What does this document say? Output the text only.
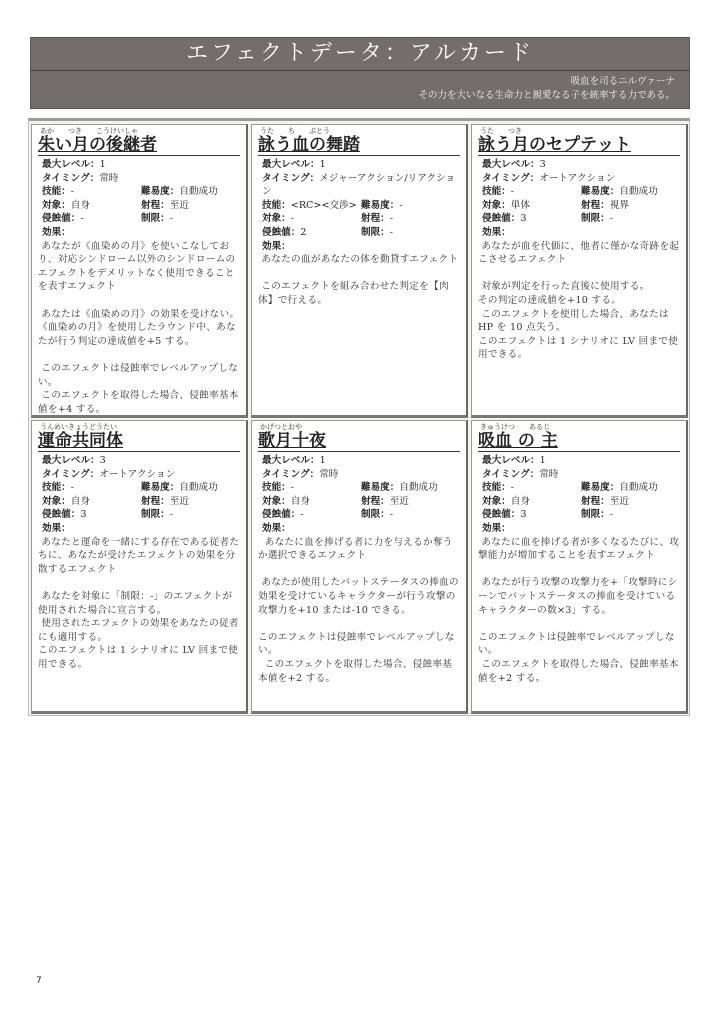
エフェクトデータ：アルカード
吸血を司るニルヴァーナ
その力を大いなる生命力と親愛なる子を統率する力である。
あか　　つき　　こうけいしゃ
朱い月の後継者
最大レベル：1
タイミング：常時
技能：-	難易度：自動成功
対象：自身	射程：至近
侵蝕値：-	制限：-
効果：
あなたが《血染めの月》を使いこなしており、対応シンドローム以外のシンドロームのエフェクトをデメリットなく使用できることを表すエフェクト

あなたは《血染めの月》の効果を受けない。《血染めの月》を使用したラウンド中、あなたが行う判定の達成値を+5 する。

このエフェクトは侵蝕率でレベルアップしない。
このエフェクトを取得した場合、侵蝕率基本値を+4 する。
うた　　ち　　ぶとう
詠う血の舞踏
最大レベル：1
タイミング：メジャーアクション/リアクション
技能：<RC><交渉> 難易度：-
対象：-	射程：-
侵蝕値：2	制限：-
効果：
あなたの血があなたの体を動貸すエフェクト

このエフェクトを組み合わせた判定を【肉体】で行える。
うた　　つき
詠う月のセプテット
最大レベル：3
タイミング：オートアクション
技能：-	難易度：自動成功
対象：単体	射程：視界
侵蝕値：3	制限：-
効果：
あなたが血を代価に、他者に僅かな奇跡を起こさせるエフェクト

対象が判定を行った直後に使用する。
その判定の達成値を+10 する。
このエフェクトを使用した場合、あなたはHP を 10 点失う。
このエフェクトは 1 シナリオに LV 回まで使用できる。
うんめいきょうどうたい
運命共同体
最大レベル：3
タイミング：オートアクション
技能：-	難易度：自動成功
対象：自身	射程：至近
侵蝕値：3	制限：-
効果：
あなたと運命を一緒にする存在である従者たちに、あなたが受けたエフェクトの効果を分散するエフェクト

あなたを対象に「制限：-」のエフェクトが使用された場合に宣言する。
使用されたエフェクトの効果をあなたの従者にも適用する。
このエフェクトは 1 シナリオに LV 回まで使用できる。
かげつとおや
歌月十夜
最大レベル：1
タイミング：常時
技能：-	難易度：自動成功
対象：自身	射程：至近
侵蝕値：-	制限：-
効果：
あなたに血を捧げる者に力を与えるか奪うか選択できるエフェクト

あなたが使用したバットステータスの捧血の効果を受けているキャラクターが行う攻撃の攻撃力を+10 または-10 できる。

このエフェクトは侵蝕率でレベルアップしない。
このエフェクトを取得した場合、侵蝕率基本値を+2 する。
きゅうけつ　　あるじ
吸血 の 主
最大レベル：1
タイミング：常時
技能：-	難易度：自動成功
対象：自身	射程：至近
侵蝕値：3	制限：-
効果：
あなたに血を捧げる者が多くなるたびに、攻撃能力が増加することを表すエフェクト

あなたが行う攻撃の攻撃力を+「攻撃時にシーンでバットステータスの捧血を受けているキャラクターの数×3」する。

このエフェクトは侵蝕率でレベルアップしない。
このエフェクトを取得した場合、侵蝕率基本値を+2 する。
7
